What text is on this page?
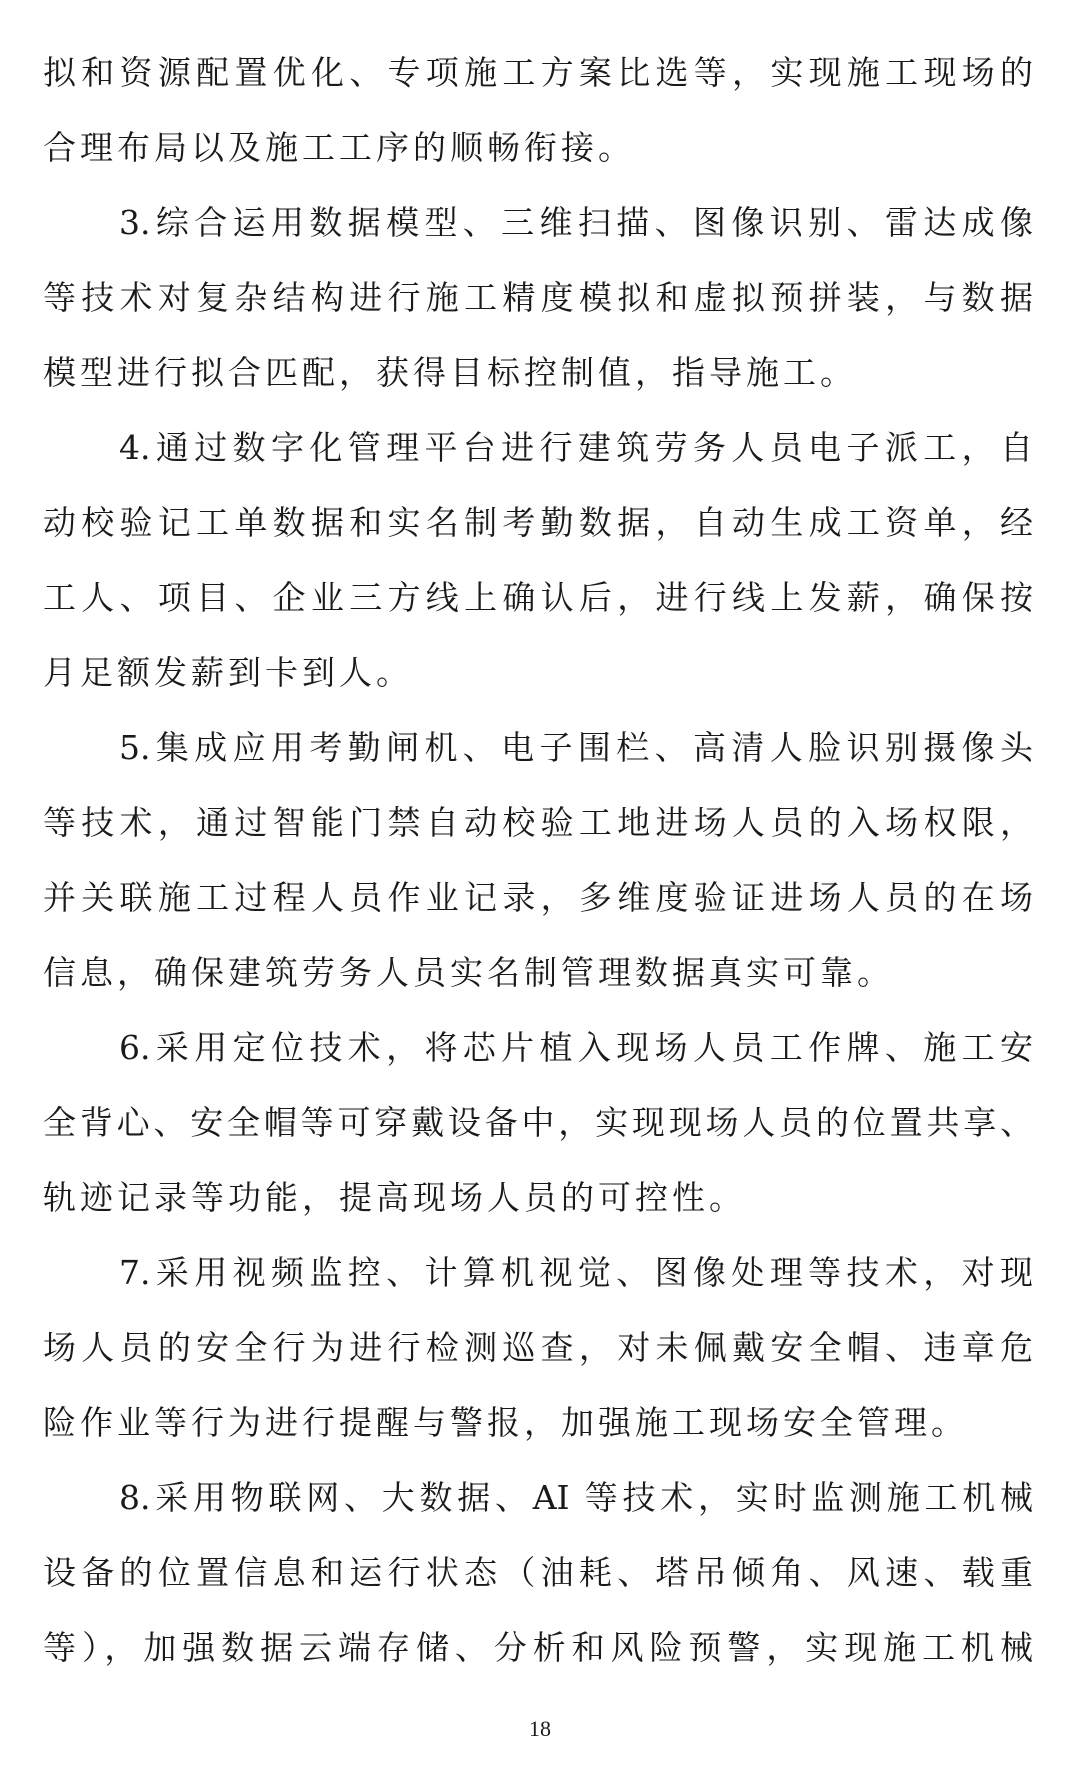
拟和资源配置优化、专项施工方案比选等，实现施工现场的
合理布局以及施工工序的顺畅衔接。
3.综合运用数据模型、三维扫描、图像识别、雷达成像
等技术对复杂结构进行施工精度模拟和虚拟预拼装，与数据
模型进行拟合匹配，获得目标控制值，指导施工。
4.通过数字化管理平台进行建筑劳务人员电子派工，自
动校验记工单数据和实名制考勤数据，自动生成工资单，经
工人、项目、企业三方线上确认后，进行线上发薪，确保按
月足额发薪到卡到人。
5.集成应用考勤闸机、电子围栏、高清人脸识别摄像头
等技术，通过智能门禁自动校验工地进场人员的入场权限，
并关联施工过程人员作业记录，多维度验证进场人员的在场
信息，确保建筑劳务人员实名制管理数据真实可靠。
6.采用定位技术，将芯片植入现场人员工作牌、施工安
全背心、安全帽等可穿戴设备中，实现现场人员的位置共享、
轨迹记录等功能，提高现场人员的可控性。
7.采用视频监控、计算机视觉、图像处理等技术，对现
场人员的安全行为进行检测巡查，对未佩戴安全帽、违章危
险作业等行为进行提醒与警报，加强施工现场安全管理。
8.采用物联网、大数据、AI 等技术，实时监测施工机械
设备的位置信息和运行状态（油耗、塔吊倾角、风速、载重
等），加强数据云端存储、分析和风险预警，实现施工机械
18
